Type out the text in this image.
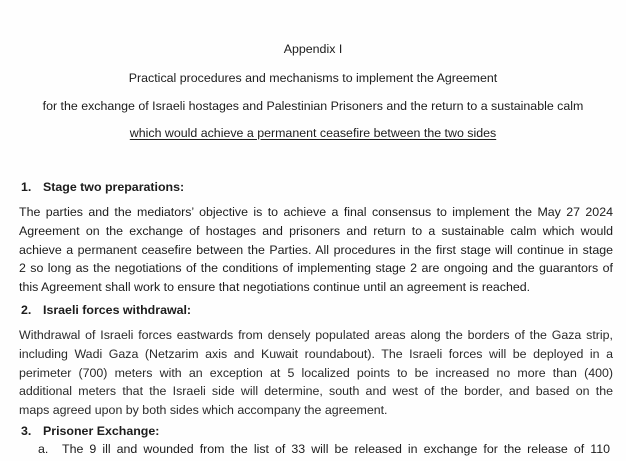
Appendix I
Practical procedures and mechanisms to implement the Agreement
for the exchange of Israeli hostages and Palestinian Prisoners and the return to a sustainable calm
which would achieve a permanent ceasefire between the two sides
1. Stage two preparations:
The parties and the mediators’ objective is to achieve a final consensus to implement the May 27 2024
Agreement on the exchange of hostages and prisoners and return to a sustainable calm which would
achieve a permanent ceasefire between the Parties. All procedures in the first stage will continue in stage
2 so long as the negotiations of the conditions of implementing stage 2 are ongoing and the guarantors of
this Agreement shall work to ensure that negotiations continue until an agreement is reached.
2. Israeli forces withdrawal:
Withdrawal of Israeli forces eastwards from densely populated areas along the borders of the Gaza strip,
including Wadi Gaza (Netzarim axis and Kuwait roundabout). The Israeli forces will be deployed in a
perimeter (700) meters with an exception at 5 localized points to be increased no more than (400)
additional meters that the Israeli side will determine, south and west of the border, and based on the
maps agreed upon by both sides which accompany the agreement.
3. Prisoner Exchange:
a. The 9 ill and wounded from the list of 33 will be released in exchange for the release of 110
